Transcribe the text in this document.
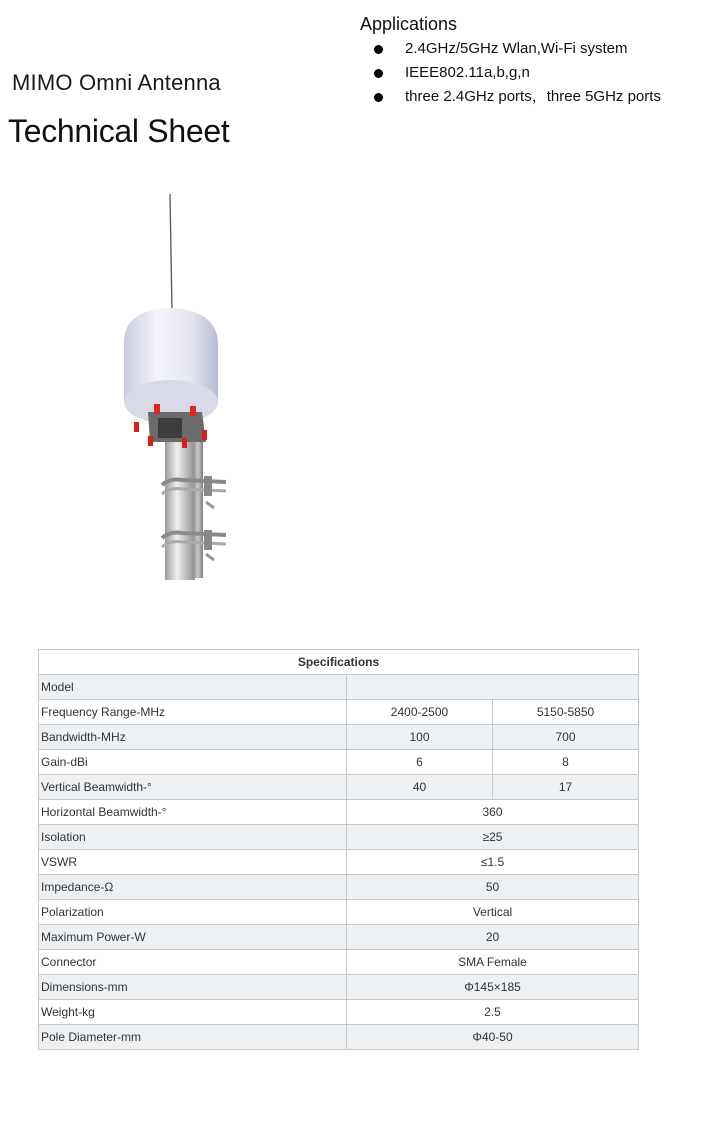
MIMO Omni Antenna
Technical Sheet
Applications
2.4GHz/5GHz Wlan,Wi-Fi system
IEEE802.11a,b,g,n
three 2.4GHz ports，three 5GHz ports
Specifications		
Model		
Frequency Range-MHz	2400-2500	5150-5850
Bandwidth-MHz	100	700
Gain-dBi	6	8
Vertical Beamwidth-°	40	17
Horizontal Beamwidth-°	360	
Isolation	≥25	
VSWR	≤1.5	
Impedance-Ω	50	
Polarization	Vertical	
Maximum Power-W	20	
Connector	SMA Female	
Dimensions-mm	Φ145×185	
Weight-kg	2.5	
Pole Diameter-mm	Φ40-50	
